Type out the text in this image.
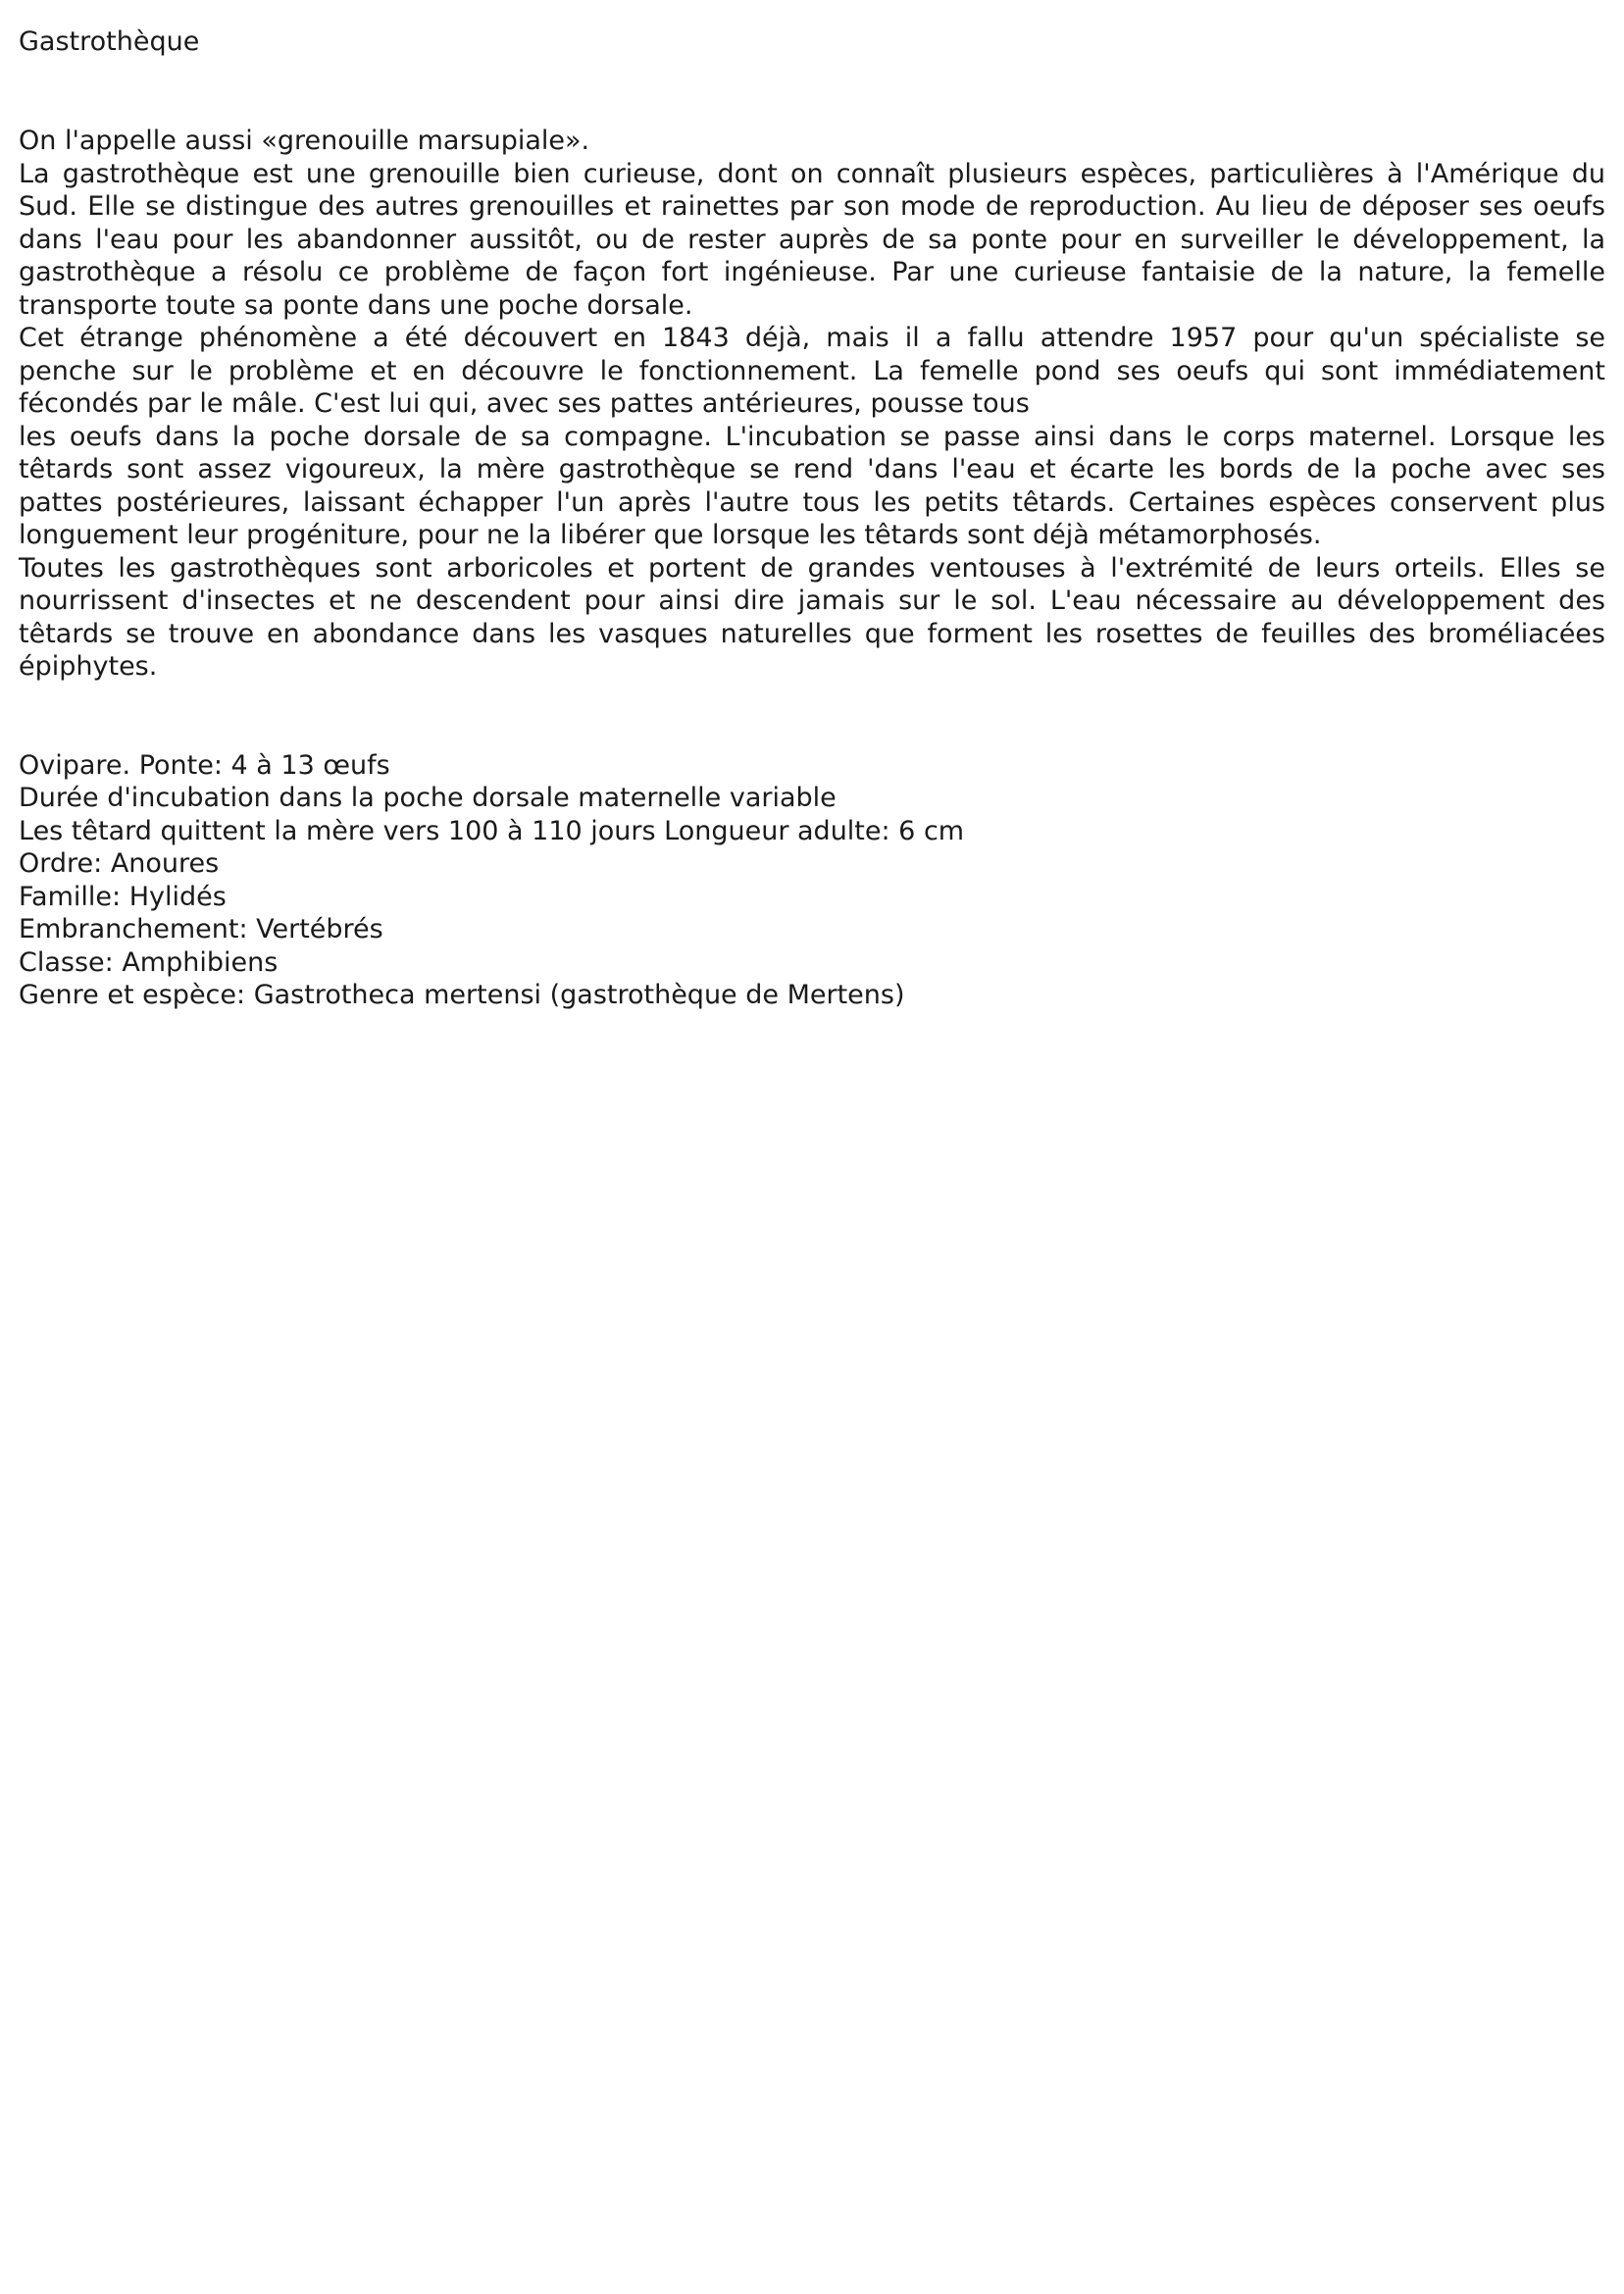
Gastrothèque
On l'appelle aussi «grenouille marsupiale».
La gastrothèque est une grenouille bien curieuse, dont on connaît plusieurs espèces, particulières à l'Amérique du
Sud. Elle se distingue des autres grenouilles et rainettes par son mode de reproduction. Au lieu de déposer ses oeufs
dans l'eau pour les abandonner aussitôt, ou de rester auprès de sa ponte pour en surveiller le développement, la
gastrothèque a résolu ce problème de façon fort ingénieuse. Par une curieuse fantaisie de la nature, la femelle
transporte toute sa ponte dans une poche dorsale.
Cet étrange phénomène a été découvert en 1843 déjà, mais il a fallu attendre 1957 pour qu'un spécialiste se
penche sur le problème et en découvre le fonctionnement. La femelle pond ses oeufs qui sont immédiatement
fécondés par le mâle. C'est lui qui, avec ses pattes antérieures, pousse tous
les oeufs dans la poche dorsale de sa compagne. L'incubation se passe ainsi dans le corps maternel. Lorsque les
têtards sont assez vigoureux, la mère gastrothèque se rend 'dans l'eau et écarte les bords de la poche avec ses
pattes postérieures, laissant échapper l'un après l'autre tous les petits têtards. Certaines espèces conservent plus
longuement leur progéniture, pour ne la libérer que lorsque les têtards sont déjà métamorphosés.
Toutes les gastrothèques sont arboricoles et portent de grandes ventouses à l'extrémité de leurs orteils. Elles se
nourrissent d'insectes et ne descendent pour ainsi dire jamais sur le sol. L'eau nécessaire au développement des
têtards se trouve en abondance dans les vasques naturelles que forment les rosettes de feuilles des broméliacées
épiphytes.
Ovipare. Ponte: 4 à 13 œufs
Durée d'incubation dans la poche dorsale maternelle variable
Les têtard quittent la mère vers 100 à 110 jours Longueur adulte: 6 cm
Ordre: Anoures
Famille: Hylidés
Embranchement: Vertébrés
Classe: Amphibiens
Genre et espèce: Gastrotheca mertensi (gastrothèque de Mertens)
